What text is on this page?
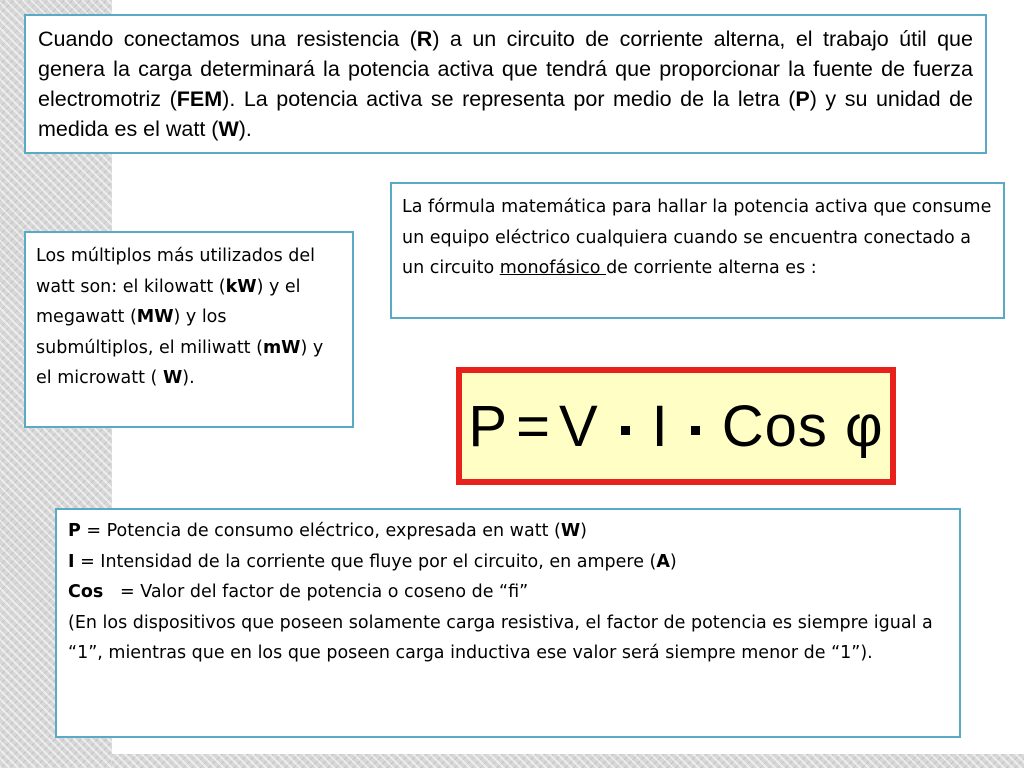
Cuando conectamos una resistencia (R) a un circuito de corriente alterna, el trabajo útil que genera la carga determinará la potencia activa que tendrá que proporcionar la fuente de fuerza electromotriz (FEM). La potencia activa se representa por medio de la letra (P) y su unidad de medida es el watt (W).
La fórmula matemática para hallar la potencia activa que consume un equipo eléctrico cualquiera cuando se encuentra conectado a un circuito monofásico de corriente alterna es :
Los múltiplos más utilizados del watt son: el kilowatt (kW) y el megawatt (MW) y los submúltiplos, el miliwatt (mW) y el microwatt ( W).
P = V I Cos φ
P = Potencia de consumo eléctrico, expresada en watt (W)
I = Intensidad de la corriente que fluye por el circuito, en ampere (A)
Cos   = Valor del factor de potencia o coseno de “fi”
(En los dispositivos que poseen solamente carga resistiva, el factor de potencia es siempre igual a “1”, mientras que en los que poseen carga inductiva ese valor será siempre menor de “1”).
